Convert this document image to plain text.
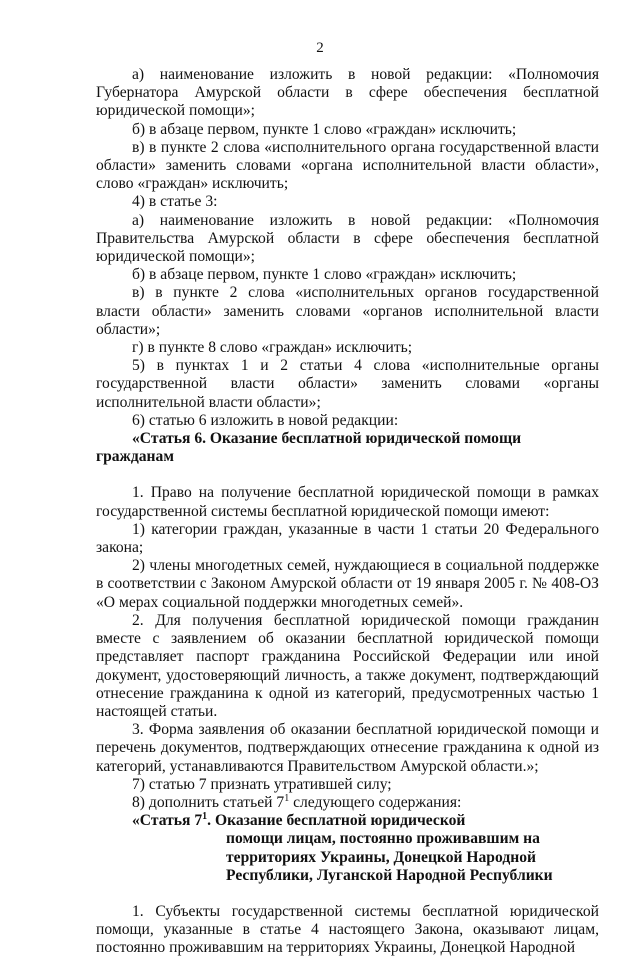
2

а) наименование изложить в новой редакции: «Полномочия Губернатора Амурской области в сфере обеспечения бесплатной юридической помощи»;

б) в абзаце первом, пункте 1 слово «граждан» исключить;

в) в пункте 2 слова «исполнительного органа государственной власти области» заменить словами «органа исполнительной власти области», слово «граждан» исключить;

4) в статье 3:

а) наименование изложить в новой редакции: «Полномочия Правительства Амурской области в сфере обеспечения бесплатной юридической помощи»;

б) в абзаце первом, пункте 1 слово «граждан» исключить;

в) в пункте 2 слова «исполнительных органов государственной власти области» заменить словами «органов исполнительной власти области»;

г) в пункте 8 слово «граждан» исключить;

5) в пунктах 1 и 2 статьи 4 слова «исполнительные органы государственной власти области» заменить словами «органы исполнительной власти области»;

6) статью 6 изложить в новой редакции:

«Статья 6. Оказание бесплатной юридической помощи гражданам

1. Право на получение бесплатной юридической помощи в рамках государственной системы бесплатной юридической помощи имеют:

1) категории граждан, указанные в части 1 статьи 20 Федерального закона;

2) члены многодетных семей, нуждающиеся в социальной поддержке в соответствии с Законом Амурской области от 19 января 2005 г. № 408-ОЗ «О мерах социальной поддержки многодетных семей».

2. Для получения бесплатной юридической помощи гражданин вместе с заявлением об оказании бесплатной юридической помощи представляет паспорт гражданина Российской Федерации или иной документ, удостоверяющий личность, а также документ, подтверждающий отнесение гражданина к одной из категорий, предусмотренных частью 1 настоящей статьи.

3. Форма заявления об оказании бесплатной юридической помощи и перечень документов, подтверждающих отнесение гражданина к одной из категорий, устанавливаются Правительством Амурской области.»;

7) статью 7 признать утратившей силу;

8) дополнить статьей $7^1$ следующего содержания:

«Статья $7^1$. Оказание бесплатной юридической
помощи лицам, постоянно проживавшим на территориях Украины, Донецкой Народной Республики, Луганской Народной Республики

1. Субъекты государственной системы бесплатной юридической помощи, указанные в статье 4 настоящего Закона, оказывают лицам, постоянно проживавшим на территориях Украины, Донецкой Народной
